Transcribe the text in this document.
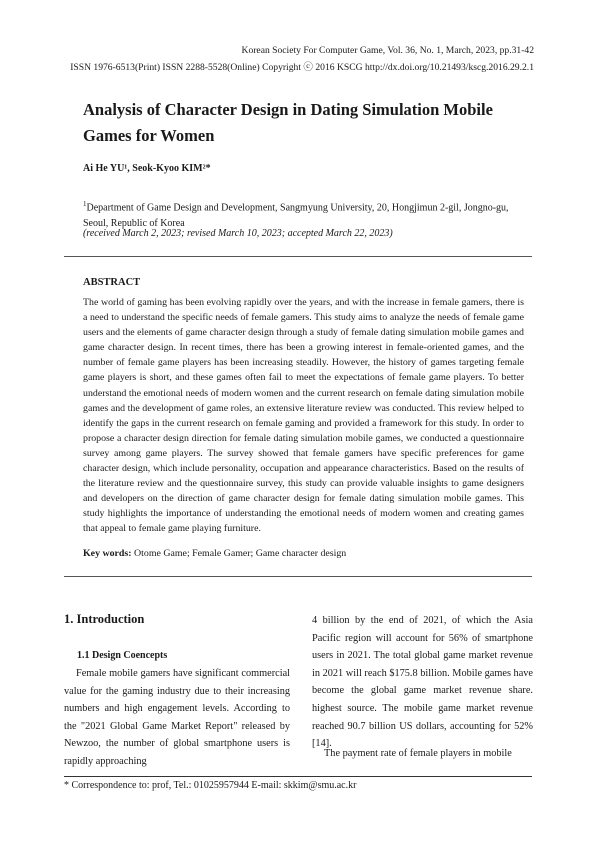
Korean Society For Computer Game, Vol. 36, No. 1, March, 2023, pp.31-42
ISSN 1976-6513(Print) ISSN 2288-5528(Online) Copyright ⓒ 2016 KSCG http://dx.doi.org/10.21493/kscg.2016.29.2.1
Analysis of Character Design in Dating Simulation Mobile Games for Women
Ai He YU¹, Seok-Kyoo KIM²*
$^1$Department of Game Design and Development, Sangmyung University, 20, Hongjimun 2-gil, Jongno-gu, Seoul, Republic of Korea
(received March 2, 2023; revised March 10, 2023; accepted March 22, 2023)
ABSTRACT

The world of gaming has been evolving rapidly over the years, and with the increase in female gamers, there is a need to understand the specific needs of female gamers. This study aims to analyze the needs of female game users and the elements of game character design through a study of female dating simulation mobile games and game character design. In recent times, there has been a growing interest in female-oriented games, and the number of female game players has been increasing steadily. However, the history of games targeting female game players is short, and these games often fail to meet the expectations of female game players. To better understand the emotional needs of modern women and the current research on female dating simulation mobile games and the development of game roles, an extensive literature review was conducted. This review helped to identify the gaps in the current research on female gaming and provided a framework for this study. In order to propose a character design direction for female dating simulation mobile games, we conducted a questionnaire survey among game players. The survey showed that female gamers have specific preferences for game character design, which include personality, occupation and appearance characteristics. Based on the results of the literature review and the questionnaire survey, this study can provide valuable insights to game designers and developers on the direction of game character design for female dating simulation mobile games. This study highlights the importance of understanding the emotional needs of modern women and creating games that appeal to female game playing furniture.

Key words: Otome Game; Female Gamer; Game character design
1. Introduction
1.1 Design Coencepts

Female mobile gamers have significant commercial value for the gaming industry due to their increasing numbers and high engagement levels. According to the "2021 Global Game Market Report" released by Newzoo, the number of global smartphone users is rapidly approaching

4 billion by the end of 2021, of which the Asia Pacific region will account for 56% of smartphone users in 2021. The total global game market revenue in 2021 will reach $175.8 billion. Mobile games have become the global game market revenue share. highest source. The mobile game market revenue reached 90.7 billion US dollars, accounting for 52%[14].

The payment rate of female players in mobile

* Correspondence to: prof, Tel.: 01025957944 E-mail: skkim@smu.ac.kr
